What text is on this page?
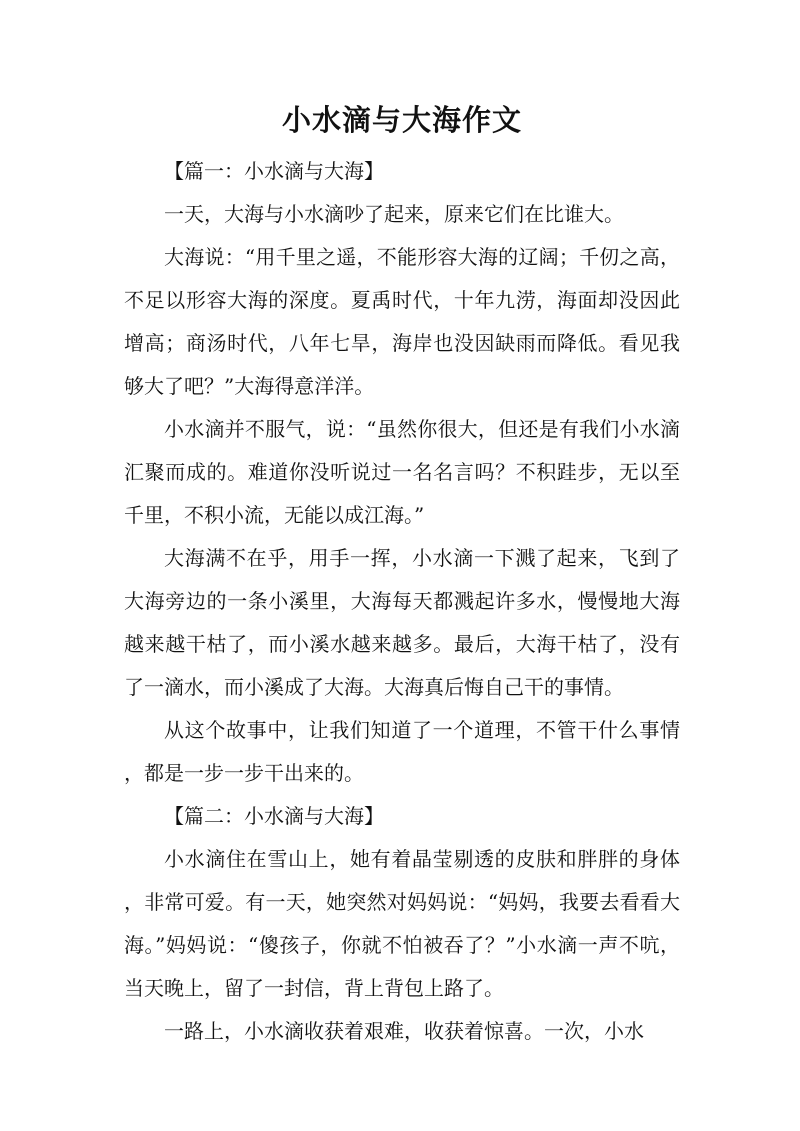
小水滴与大海作文

【篇一：小水滴与大海】

一天，大海与小水滴吵了起来，原来它们在比谁大。

大海说：“用千里之遥，不能形容大海的辽阔；千仞之高，不足以形容大海的深度。夏禹时代，十年九涝，海面却没因此增高；商汤时代，八年七旱，海岸也没因缺雨而降低。看见我够大了吧？”大海得意洋洋。

小水滴并不服气，说：“虽然你很大，但还是有我们小水滴汇聚而成的。难道你没听说过一名名言吗？不积跬步，无以至千里，不积小流，无能以成江海。”

大海满不在乎，用手一挥，小水滴一下溅了起来，飞到了大海旁边的一条小溪里，大海每天都溅起许多水，慢慢地大海越来越干枯了，而小溪水越来越多。最后，大海干枯了，没有了一滴水，而小溪成了大海。大海真后悔自己干的事情。

从这个故事中，让我们知道了一个道理，不管干什么事情，都是一步一步干出来的。

【篇二：小水滴与大海】

小水滴住在雪山上，她有着晶莹剔透的皮肤和胖胖的身体，非常可爱。有一天，她突然对妈妈说：“妈妈，我要去看看大海。”妈妈说：“傻孩子，你就不怕被吞了？”小水滴一声不吭，当天晚上，留了一封信，背上背包上路了。

一路上，小水滴收获着艰难，收获着惊喜。一次，小水
